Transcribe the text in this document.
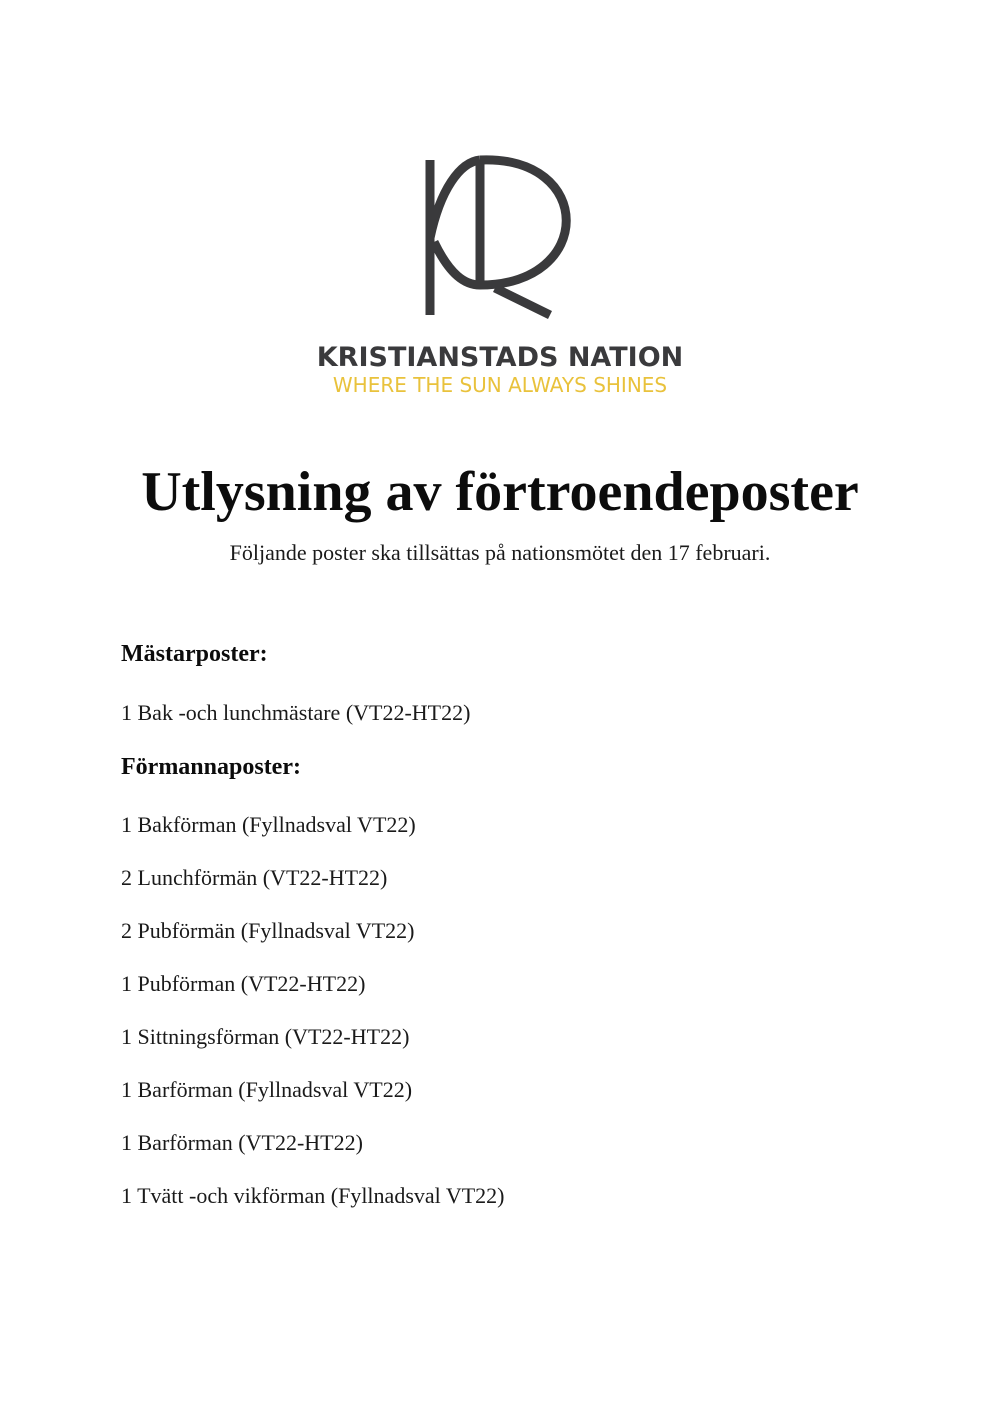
KRISTIANSTADS NATION
WHERE THE SUN ALWAYS SHINES
Utlysning av förtroendeposter
Följande poster ska tillsättas på nationsmötet den 17 februari.
Mästarposter:
1 Bak -och lunchmästare (VT22-HT22)
Förmannaposter:
1 Bakförman (Fyllnadsval VT22)
2 Lunchförmän (VT22-HT22)
2 Pubförmän (Fyllnadsval VT22)
1 Pubförman (VT22-HT22)
1 Sittningsförman (VT22-HT22)
1 Barförman (Fyllnadsval VT22)
1 Barförman (VT22-HT22)
1 Tvätt -och vikförman (Fyllnadsval VT22)
